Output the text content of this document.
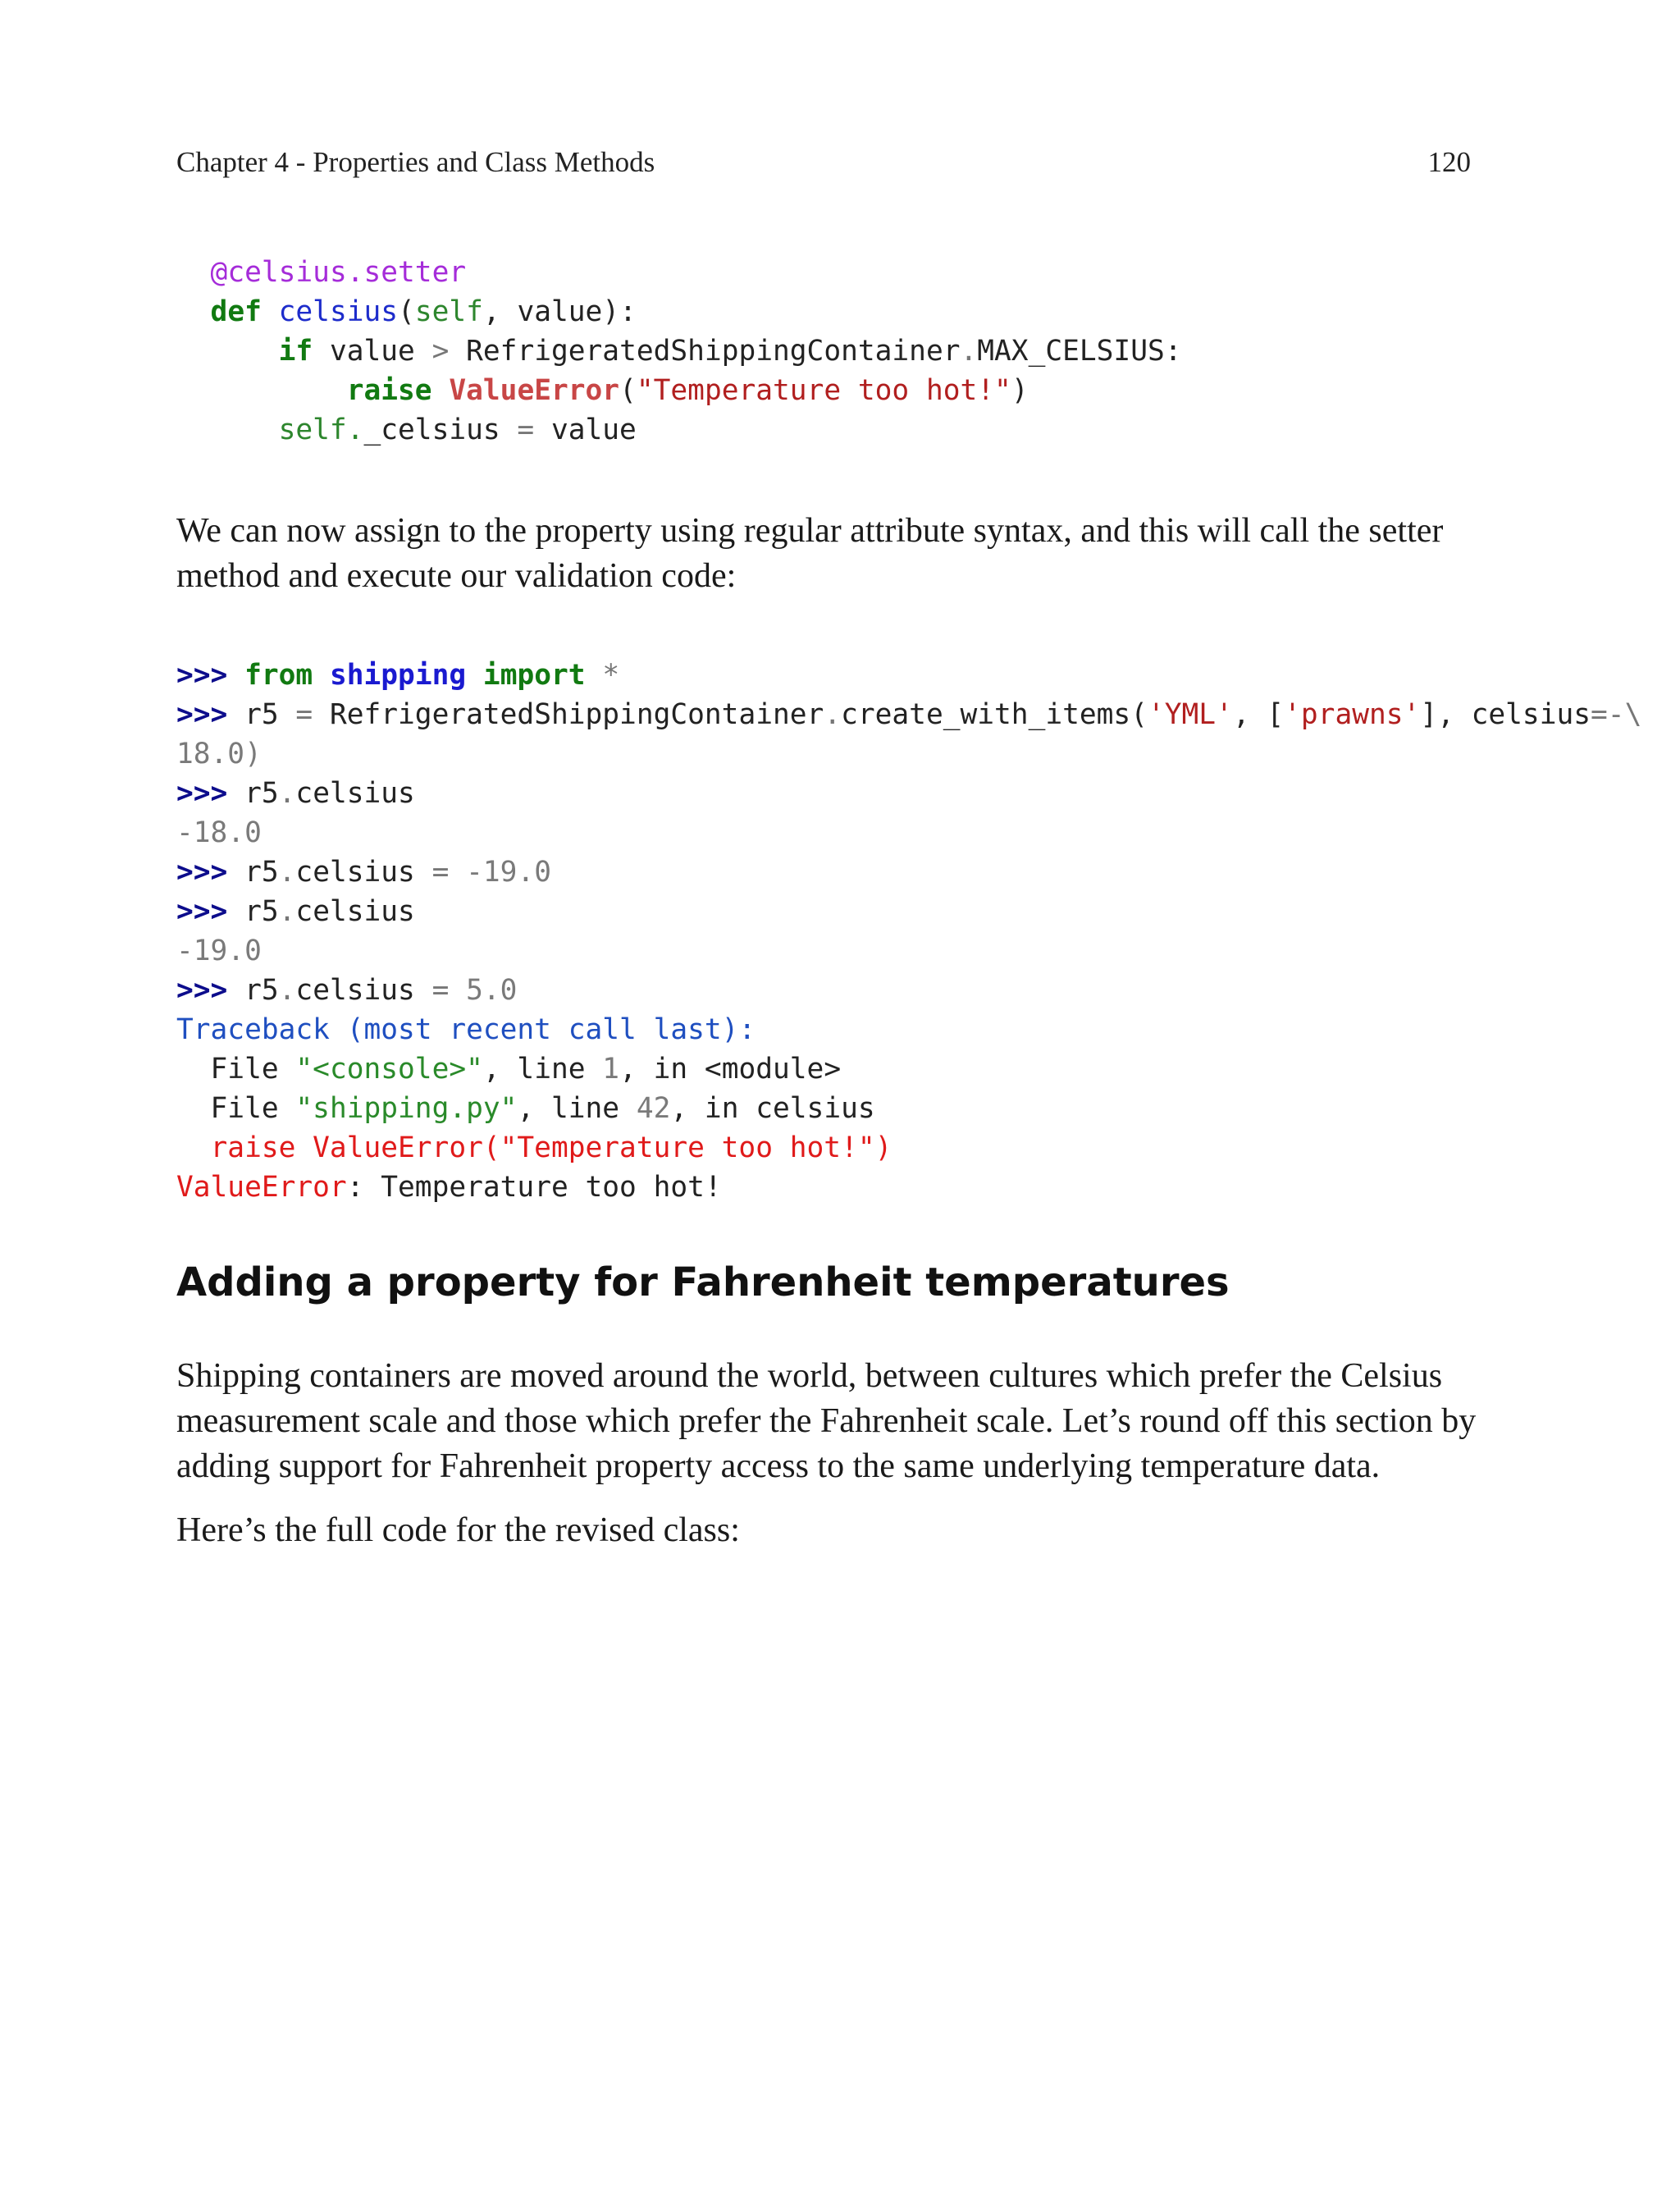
Chapter 4 - Properties and Class Methods	120
@celsius.setter
def celsius(self, value):
if value > RefrigeratedShippingContainer.MAX_CELSIUS:
raise ValueError("Temperature too hot!")
self._celsius = value

We can now assign to the property using regular attribute syntax, and this will call the setter method and execute our validation code:

>>> from shipping import *
>>> r5 = RefrigeratedShippingContainer.create_with_items('YML', ['prawns'], celsius=-\
18.0)
>>> r5.celsius
-18.0
>>> r5.celsius = -19.0
>>> r5.celsius
-19.0
>>> r5.celsius = 5.0
Traceback (most recent call last):
File "<console>", line 1, in <module>
File "shipping.py", line 42, in celsius
raise ValueError("Temperature too hot!")
ValueError: Temperature too hot!
Adding a property for Fahrenheit temperatures

Shipping containers are moved around the world, between cultures which prefer the Celsius measurement scale and those which prefer the Fahrenheit scale. Let’s round off this section by adding support for Fahrenheit property access to the same underlying temperature data.

Here’s the full code for the revised class:
